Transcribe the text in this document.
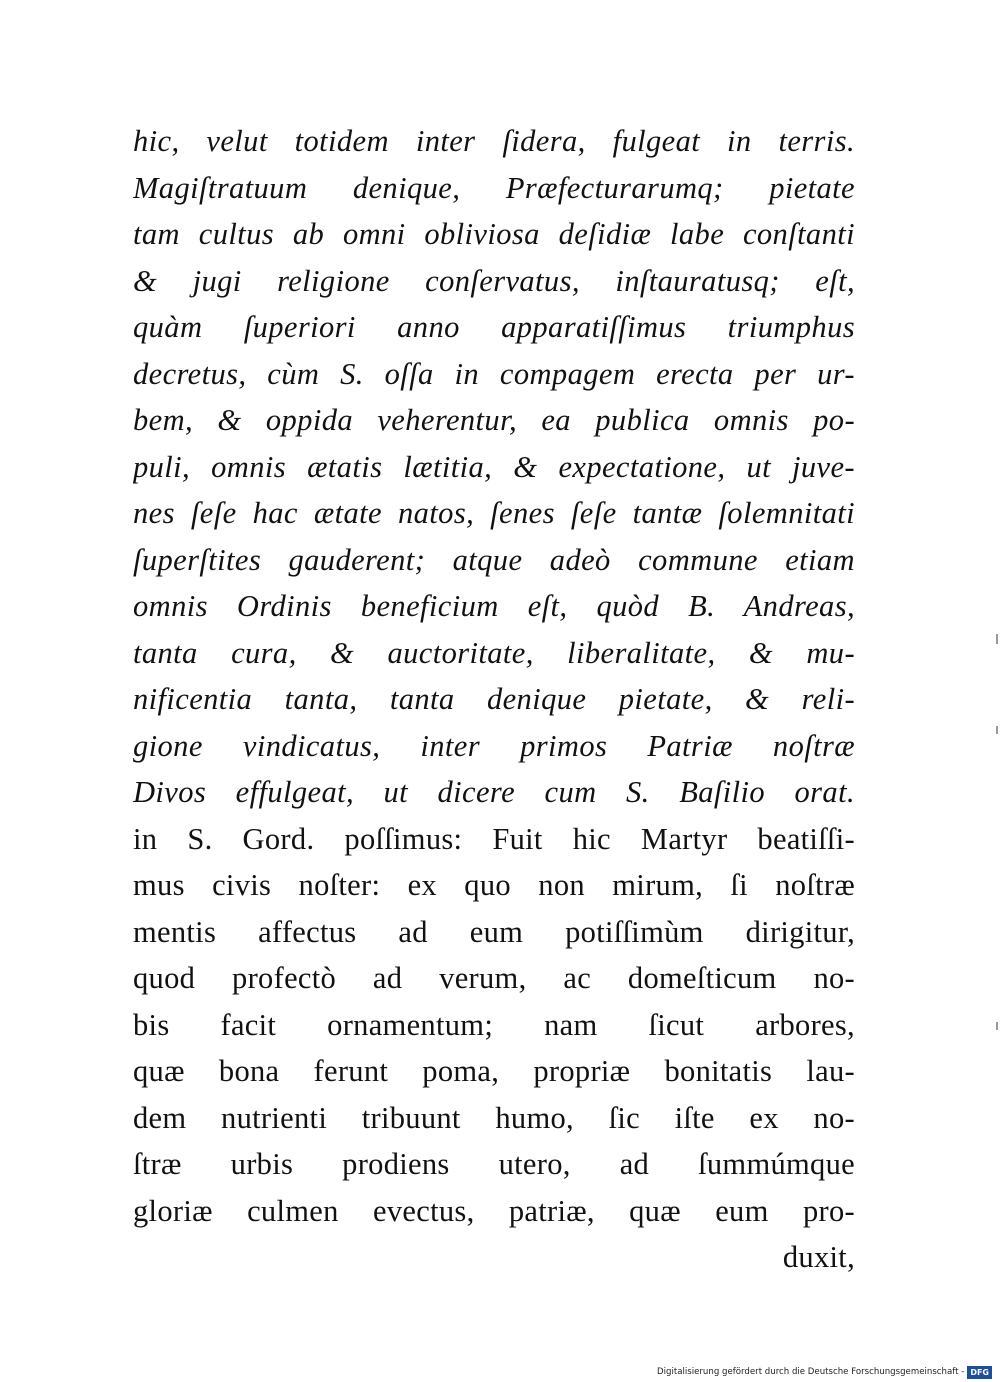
hic, velut totidem inter ſidera, fulgeat in terris.
Magiſtratuum denique, Præfecturarumq; pietate
tam cultus ab omni obliviosa deſidiæ labe conſtanti
& jugi religione conſervatus, inſtauratusq; eſt,
quàm ſuperiori anno apparatiſſimus triumphus
decretus, cùm S. oſſa in compagem erecta per ur-
bem, & oppida veherentur, ea publica omnis po-
puli, omnis ætatis lætitia, & expectatione, ut juve-
nes ſeſe hac ætate natos, ſenes ſeſe tantæ ſolemnitati
ſuperſtites gauderent; atque adeò commune etiam
omnis Ordinis beneficium eſt, quòd B. Andreas,
tanta cura, & auctoritate, liberalitate, & mu-
nificentia tanta, tanta denique pietate, & reli-
gione vindicatus, inter primos Patriæ noſtræ
Divos effulgeat, ut dicere cum S. Baſilio orat.
in S. Gord. poſſimus: Fuit hic Martyr beatiſſi-
mus civis noſter: ex quo non mirum, ſi noſtræ
mentis affectus ad eum potiſſimùm dirigitur,
quod profectò ad verum, ac domeſticum no-
bis facit ornamentum; nam ſicut arbores,
quæ bona ferunt poma, propriæ bonitatis lau-
dem nutrienti tribuunt humo, ſic iſte ex no-
ſtræ urbis prodiens utero, ad ſummúmque
gloriæ culmen evectus, patriæ, quæ eum pro-
duxit,
Digitalisierung gefördert durch die Deutsche Forschungsgemeinschaft - DFG
